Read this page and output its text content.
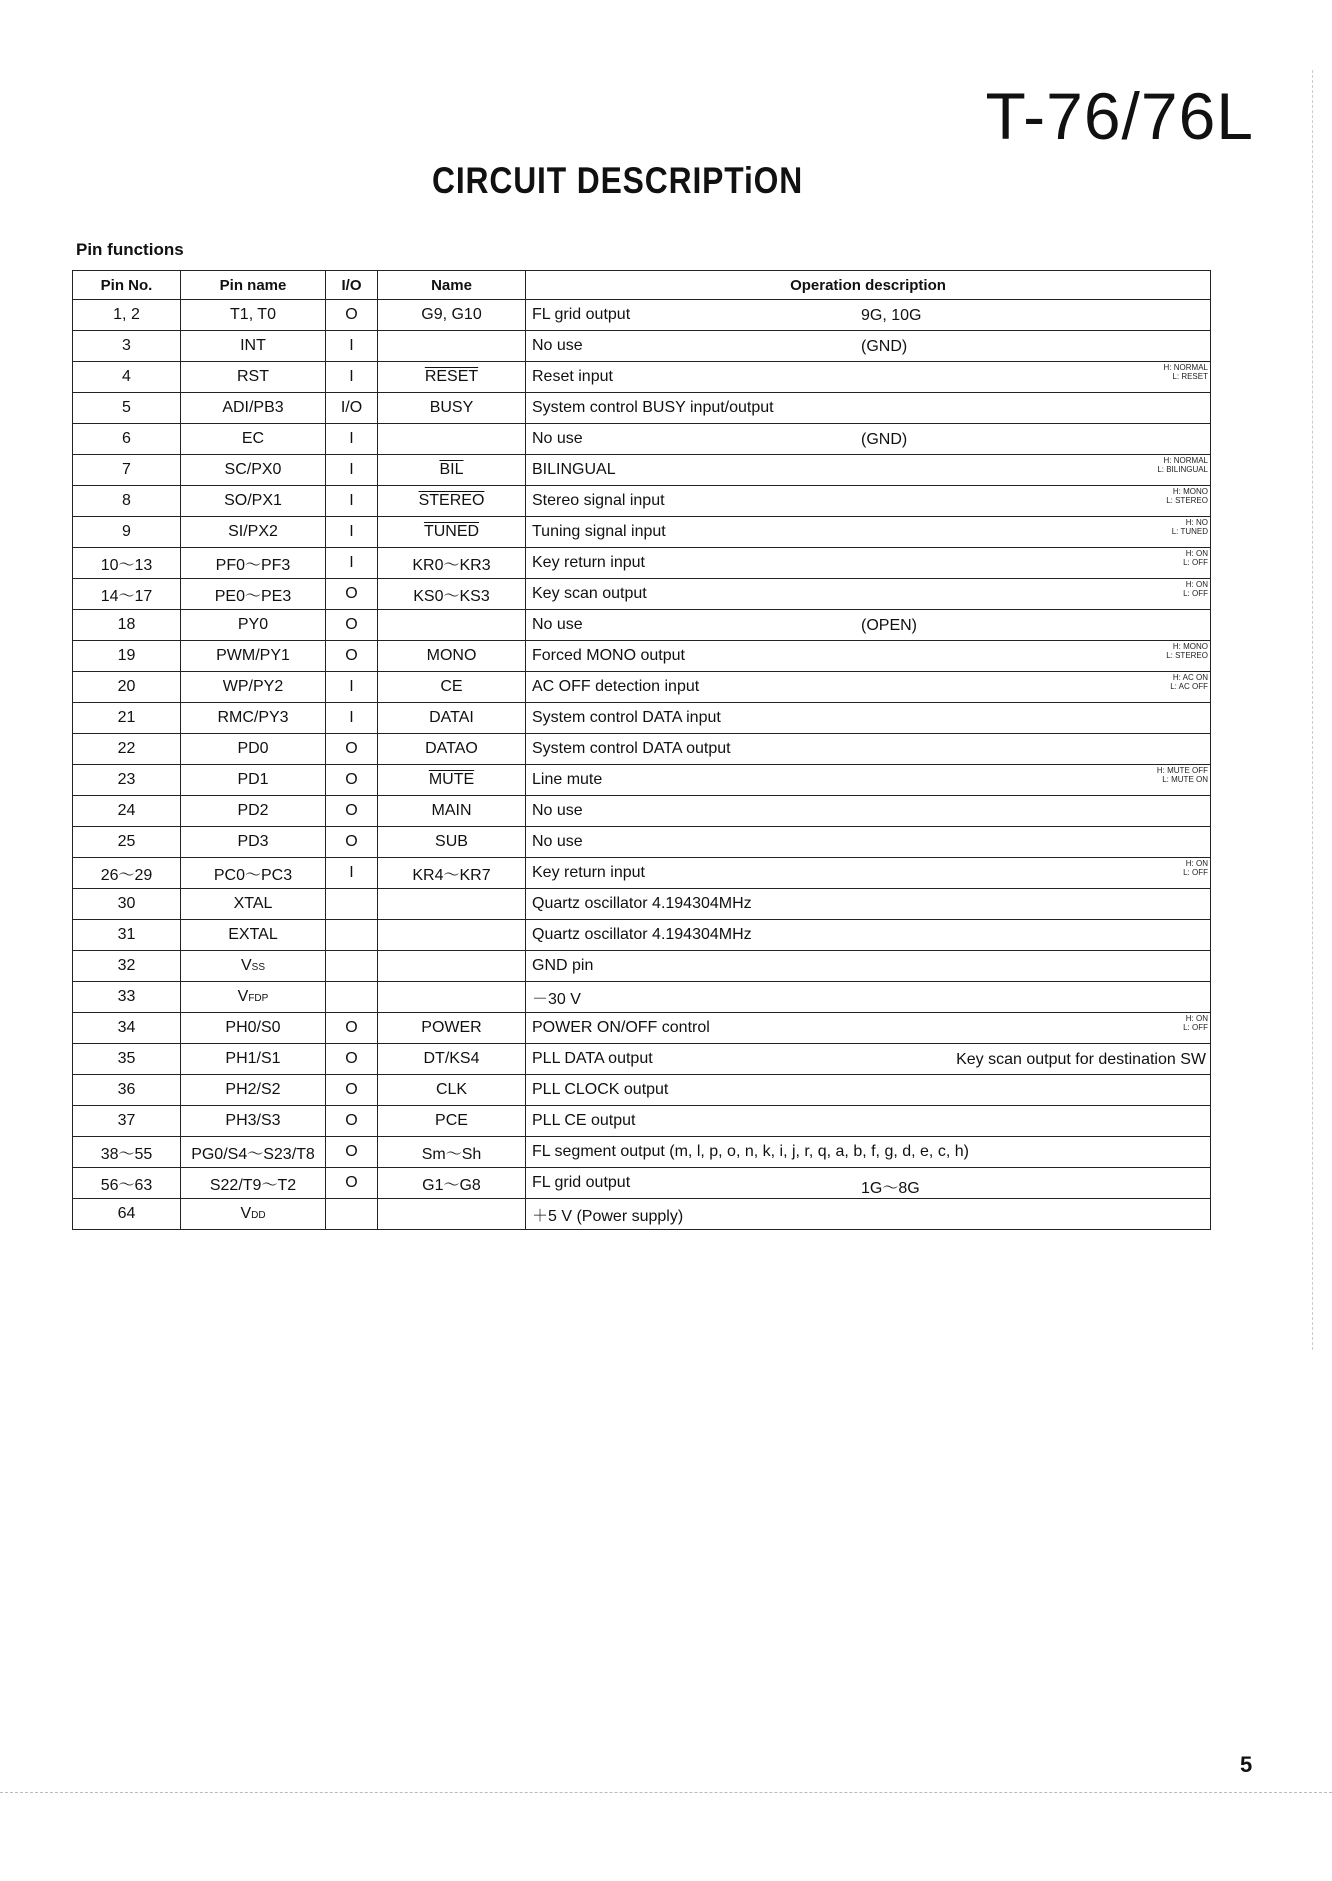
T-76/76L
CIRCUIT DESCRIPTiON
Pin functions
Pin No.	Pin name	I/O	Name	Operation description
1, 2	T1, T0	O	G9, G10	FL grid output 9G, 10G

3	INT	I		No use (GND)

4	RST	I	RESET	Reset input
H: NORMAL
L: RESET

5	ADI/PB3	I/O	BUSY	System control BUSY input/output
6	EC	I		No use (GND)

7	SC/PX0	I	$\overline{BIL}$	BILINGUAL
H: NORMAL
L: BILINGUAL

8	SO/PX1	I	STEREO	Stereo signal input
H: MONO
L: STEREO

9	SI/PX2	I	TUNED	Tuning signal input
H: NO
L: TUNED

10～13	PF0～PF3	I	KR0～KR3	Key return input
H: ON
L: OFF

14～17	PE0～PE3	O	KS0～KS3	Key scan output
H: ON
L: OFF

18	PY0	O		No use (OPEN)

19	PWM/PY1	O	MONO	Forced MONO output
H: MONO
L: STEREO

20	WP/PY2	I	CE	AC OFF detection input
H: AC ON
L: AC OFF

21	RMC/PY3	I	DATAI	System control DATA input
22	PD0	O	DATAO	System control DATA output
23	PD1	O	MUTE	Line mute
H: MUTE OFF
L: MUTE ON

24	PD2	O	MAIN	No use
25	PD3	O	SUB	No use
26～29	PC0～PC3	I	KR4～KR7	Key return input
H: ON
L: OFF

30	XTAL			Quartz oscillator 4.194304MHz
31	EXTAL			Quartz oscillator 4.194304MHz
32	VSS			GND pin
33	VFDP			－30 V
34	PH0/S0	O	POWER	POWER ON/OFF control
H: ON
L: OFF

35	PH1/S1	O	DT/KS4	PLL DATA output Key scan output for destination SW

36	PH2/S2	O	CLK	PLL CLOCK output
37	PH3/S3	O	PCE	PLL CE output
38～55	PG0/S4～S23/T8	O	Sm～Sh	FL segment output (m, l, p, o, n, k, i, j, r, q, a, b, f, g, d, e, c, h)
56～63	S22/T9～T2	O	G1～G8	FL grid output 1G～8G

64	VDD			＋5 V (Power supply)
5
